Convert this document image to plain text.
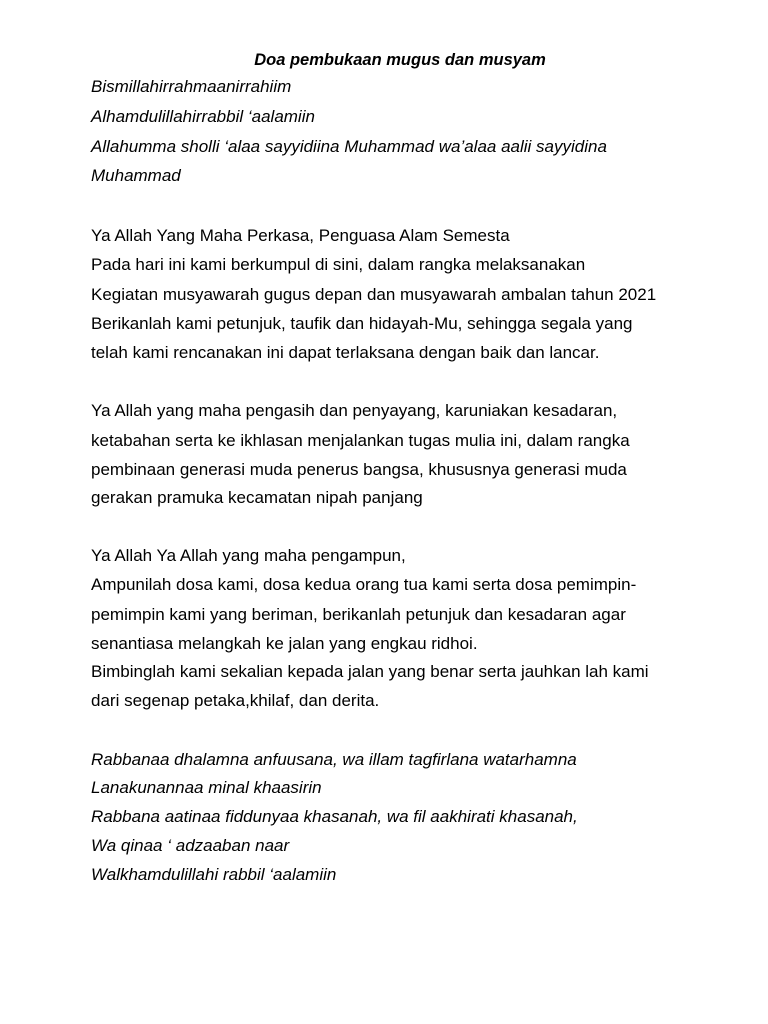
Doa pembukaan mugus dan musyam
Bismillahirrahmaanirrahiim
Alhamdulillahirrabbil ‘aalamiin
Allahumma sholli ‘alaa sayyidiina Muhammad wa’alaa aalii sayyidina
Muhammad
Ya Allah Yang Maha Perkasa, Penguasa Alam Semesta
Pada hari ini kami berkumpul di sini, dalam rangka melaksanakan
Kegiatan musyawarah gugus depan dan musyawarah ambalan tahun 2021
Berikanlah kami petunjuk, taufik dan hidayah-Mu, sehingga segala yang
telah kami rencanakan ini dapat terlaksana dengan baik dan lancar.
Ya Allah yang maha pengasih dan penyayang, karuniakan kesadaran,
ketabahan serta ke ikhlasan menjalankan tugas mulia ini, dalam rangka
pembinaan generasi muda penerus bangsa, khususnya generasi muda
gerakan pramuka kecamatan nipah panjang
Ya Allah Ya Allah yang maha pengampun,
Ampunilah dosa kami, dosa kedua orang tua kami serta dosa pemimpin-
pemimpin kami yang beriman, berikanlah petunjuk dan kesadaran agar
senantiasa melangkah ke jalan yang engkau ridhoi.
Bimbinglah kami sekalian kepada jalan yang benar serta jauhkan lah kami
dari segenap petaka,khilaf, dan derita.
Rabbanaa dhalamna anfuusana, wa illam tagfirlana watarhamna
Lanakunannaa minal khaasirin
Rabbana aatinaa fiddunyaa khasanah, wa fil aakhirati khasanah,
Wa qinaa ‘ adzaaban naar
Walkhamdulillahi rabbil ‘aalamiin
